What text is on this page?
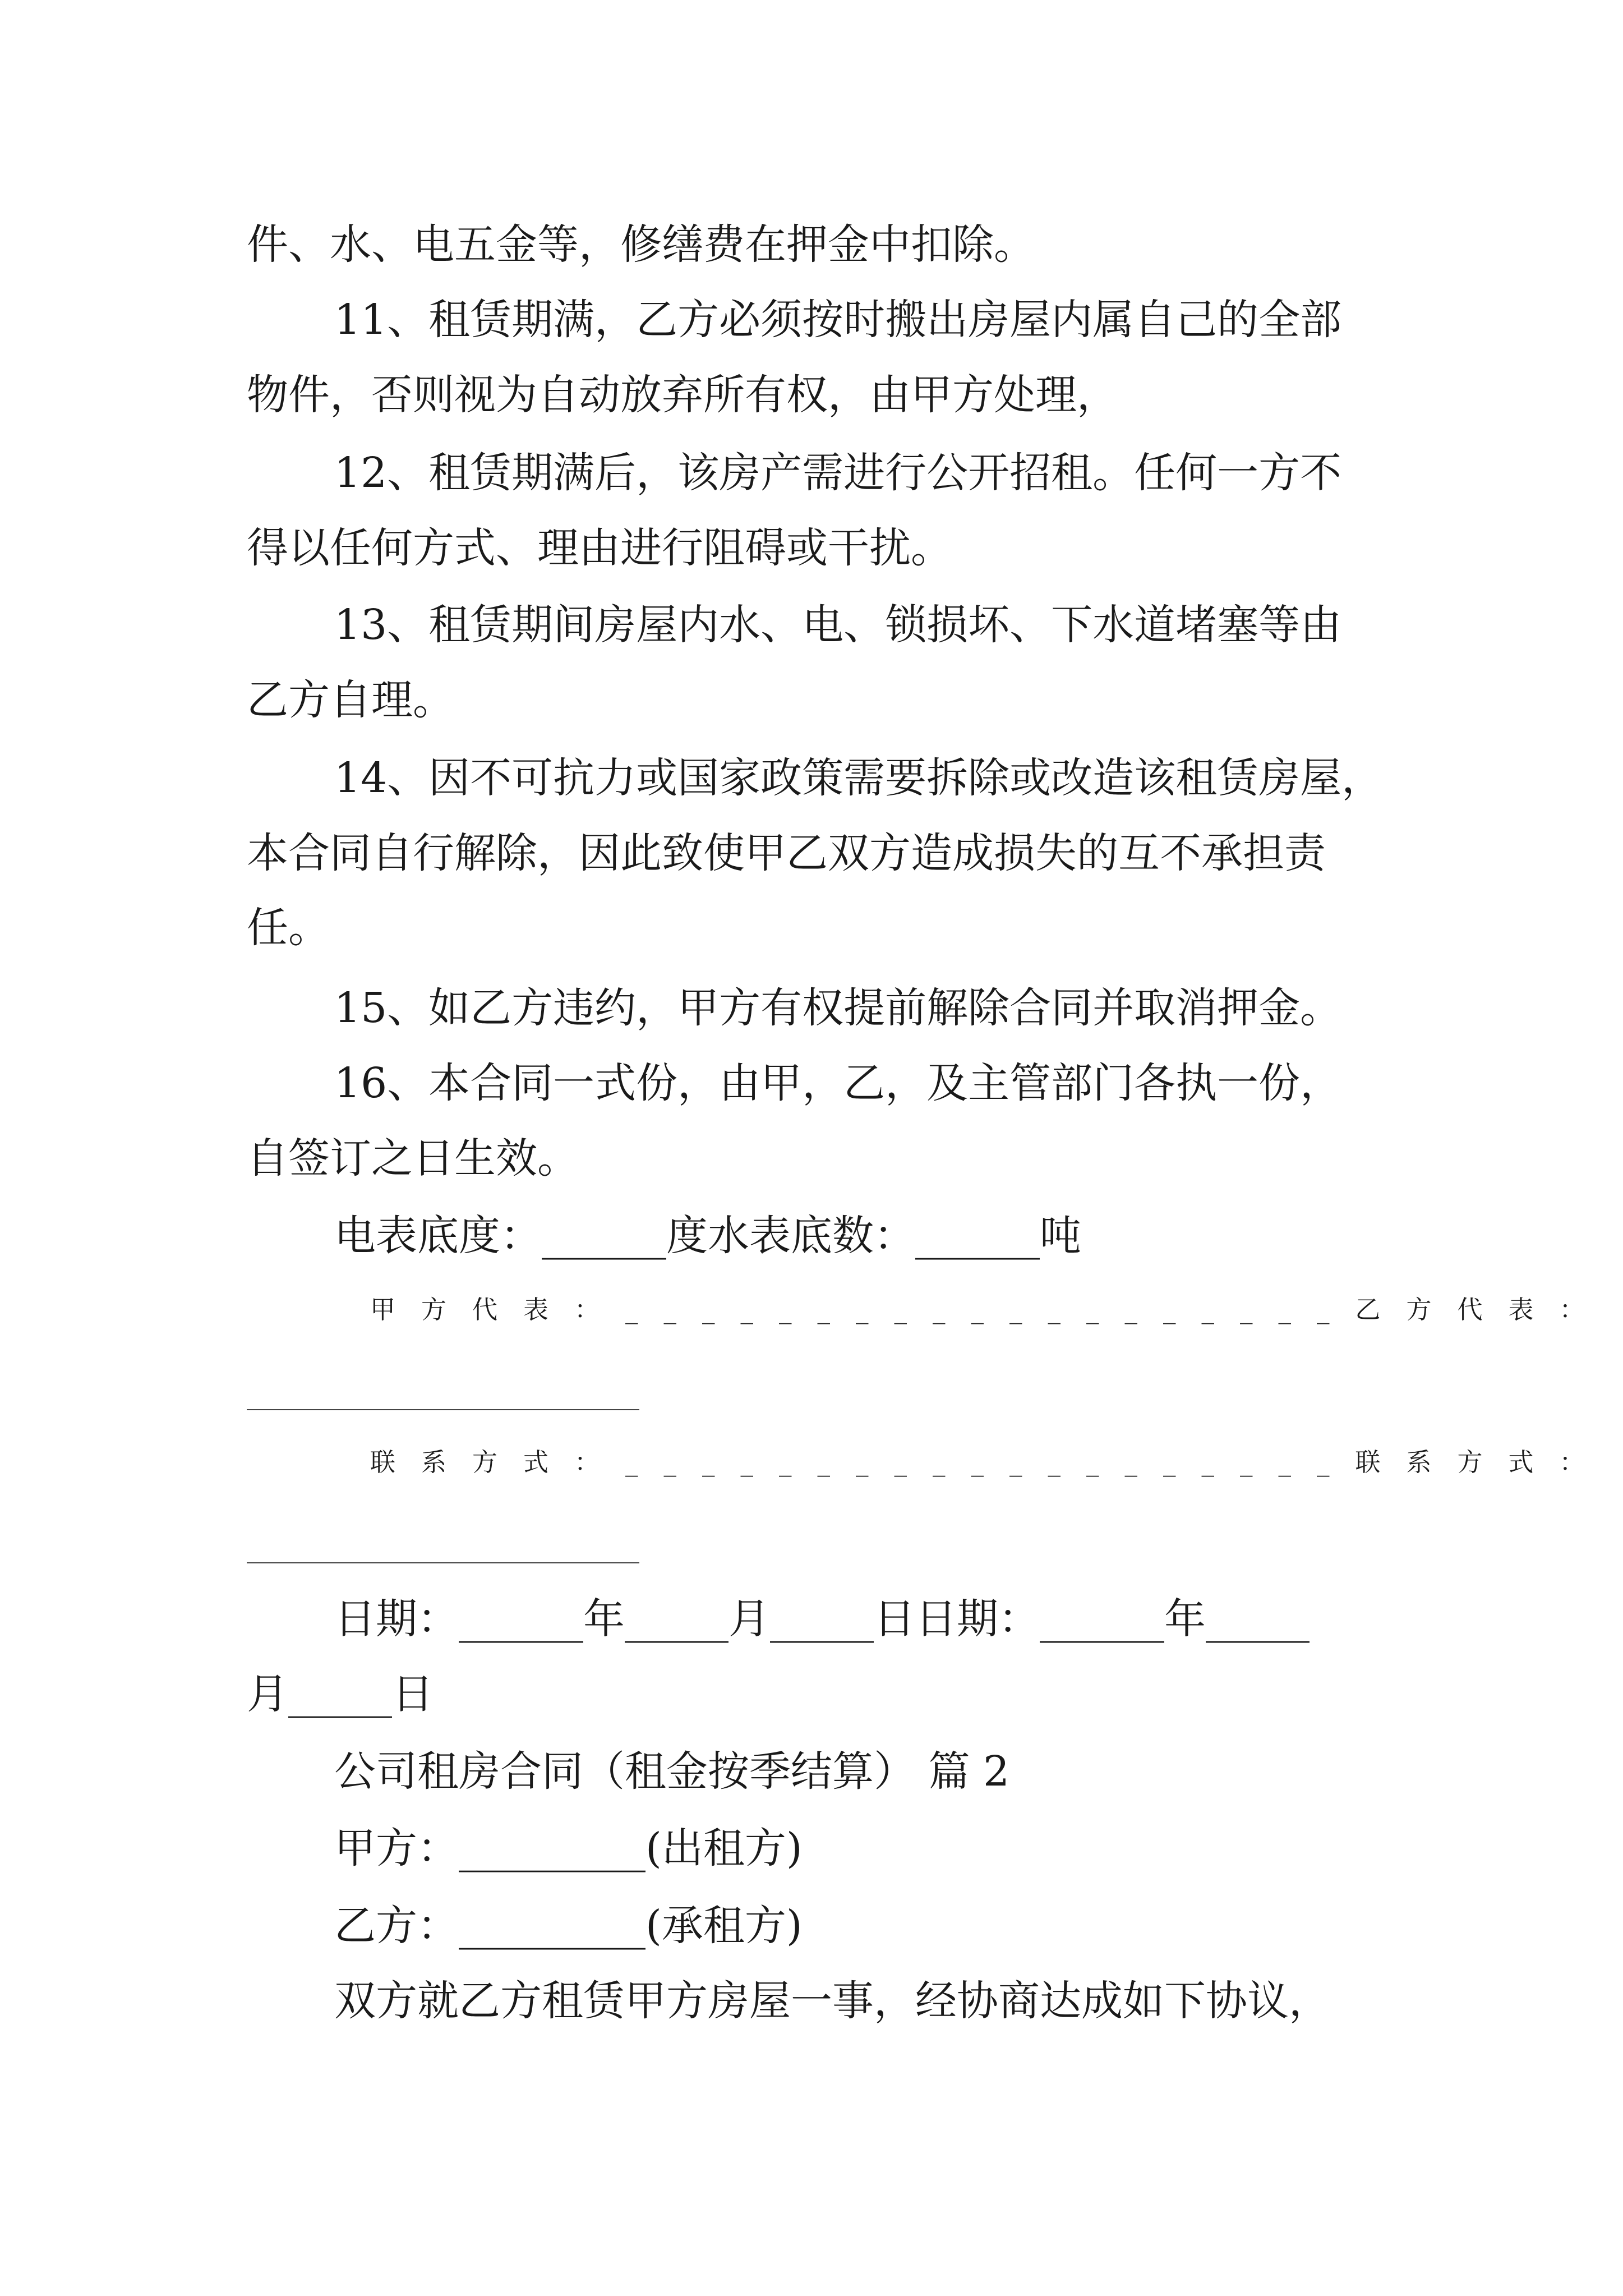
件、水、电五金等，修缮费在押金中扣除。
11、租赁期满，乙方必须按时搬出房屋内属自己的全部
物件，否则视为自动放弃所有权，由甲方处理，
12、租赁期满后，该房产需进行公开招租。任何一方不
得以任何方式、理由进行阻碍或干扰。
13、租赁期间房屋内水、电、锁损坏、下水道堵塞等由
乙方自理。
14、因不可抗力或国家政策需要拆除或改造该租赁房屋，
本合同自行解除，因此致使甲乙双方造成损失的互不承担责
任。
15、如乙方违约，甲方有权提前解除合同并取消押金。
16、本合同一式份，由甲，乙，及主管部门各执一份，
自签订之日生效。
电表底度：______度水表底数：______吨
甲方代表：___________________乙方代表：
联系方式：___________________联系方式：
日期：______年_____月_____日日期：______年_____
月_____日
公司租房合同（租金按季结算） 篇 2
甲方：_________(出租方)
乙方：_________(承租方)
双方就乙方租赁甲方房屋一事，经协商达成如下协议，
